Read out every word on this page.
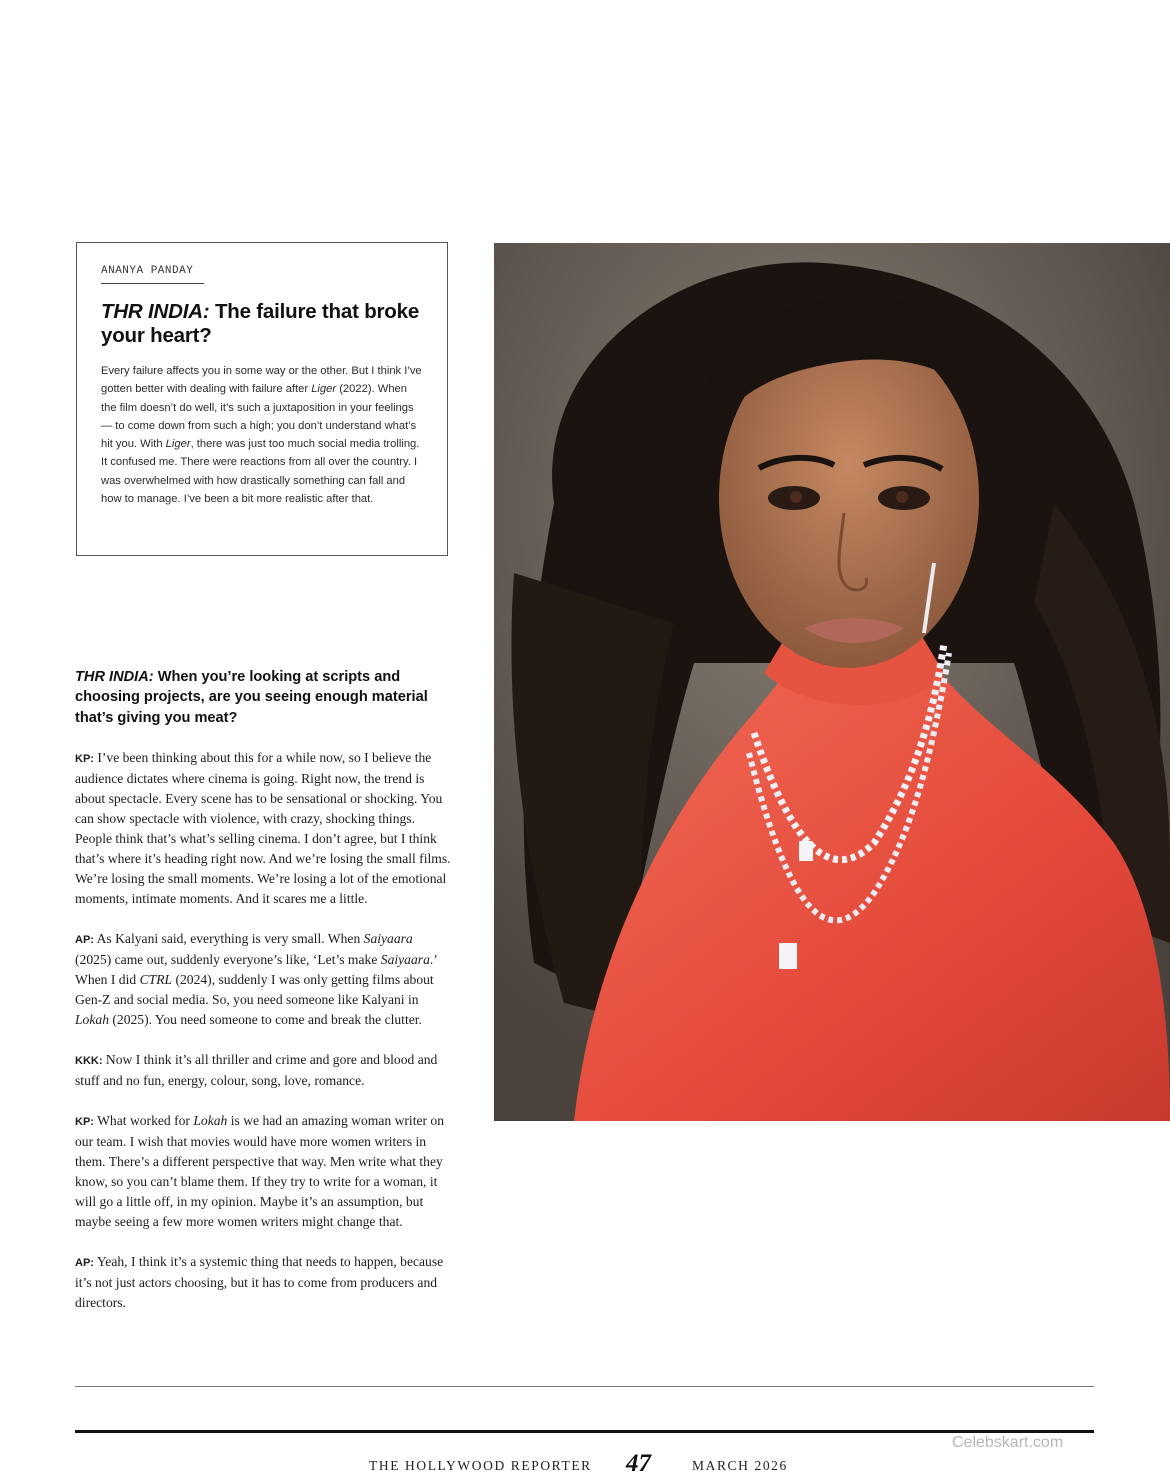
ANANYA PANDAY

THR INDIA: The failure that broke your heart?

Every failure affects you in some way or the other. But I think I’ve gotten better with dealing with failure after Liger (2022). When the film doesn’t do well, it’s such a juxtaposition in your feelings — to come down from such a high; you don’t understand what’s hit you. With Liger, there was just too much social media trolling. It confused me. There were reactions from all over the country. I was overwhelmed with how drastically something can fall and how to manage. I’ve been a bit more realistic after that.

THR INDIA: When you’re looking at scripts and choosing projects, are you seeing enough material that’s giving you meat?

KP: I’ve been thinking about this for a while now, so I believe the audience dictates where cinema is going. Right now, the trend is about spectacle. Every scene has to be sensational or shocking. You can show spectacle with violence, with crazy, shocking things. People think that’s what’s selling cinema. I don’t agree, but I think that’s where it’s heading right now. And we’re losing the small films. We’re losing the small moments. We’re losing a lot of the emotional moments, intimate moments. And it scares me a little.

AP: As Kalyani said, everything is very small. When Saiyaara (2025) came out, suddenly everyone’s like, ‘Let’s make Saiyaara.’ When I did CTRL (2024), suddenly I was only getting films about Gen-Z and social media. So, you need someone like Kalyani in Lokah (2025). You need someone to come and break the clutter.

KKK: Now I think it’s all thriller and crime and gore and blood and stuff and no fun, energy, colour, song, love, romance.

KP: What worked for Lokah is we had an amazing woman writer on our team. I wish that movies would have more women writers in them. There’s a different perspective that way. Men write what they know, so you can’t blame them. If they try to write for a woman, it will go a little off, in my opinion. Maybe it’s an assumption, but maybe seeing a few more women writers might change that.

AP: Yeah, I think it’s a systemic thing that needs to happen, because it’s not just actors choosing, but it has to come from producers and directors.

THE HOLLYWOOD REPORTER 47	MARCH 2026
Celebskart.com
